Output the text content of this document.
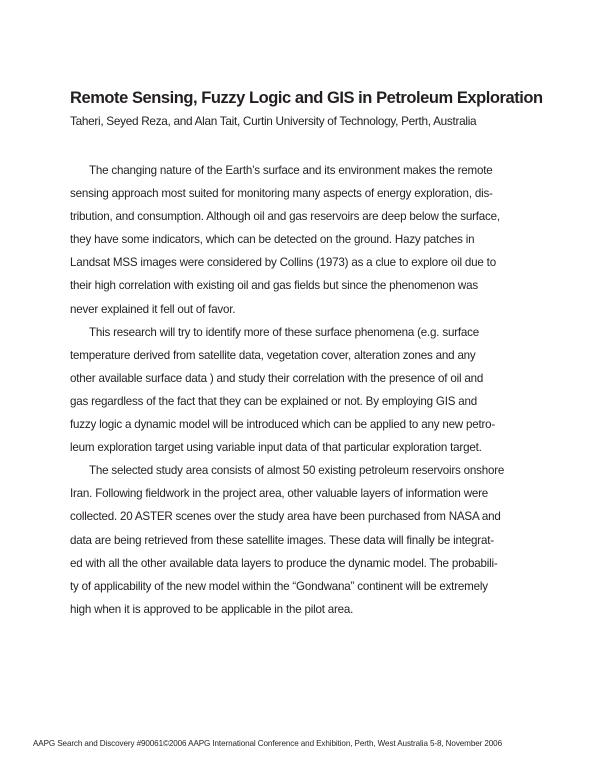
Remote Sensing, Fuzzy Logic and GIS in Petroleum Exploration

Taheri, Seyed Reza, and Alan Tait, Curtin University of Technology, Perth, Australia

The changing nature of the Earth’s surface and its environment makes the remote
sensing approach most suited for monitoring many aspects of energy exploration, dis-
tribution, and consumption. Although oil and gas reservoirs are deep below the surface,
they have some indicators, which can be detected on the ground. Hazy patches in
Landsat MSS images were considered by Collins (1973) as a clue to explore oil due to
their high correlation with existing oil and gas fields but since the phenomenon was
never explained it fell out of favor.

This research will try to identify more of these surface phenomena (e.g. surface
temperature derived from satellite data, vegetation cover, alteration zones and any
other available surface data ) and study their correlation with the presence of oil and
gas regardless of the fact that they can be explained or not. By employing GIS and
fuzzy logic a dynamic model will be introduced which can be applied to any new petro-
leum exploration target using variable input data of that particular exploration target.

The selected study area consists of almost 50 existing petroleum reservoirs onshore
Iran. Following fieldwork in the project area, other valuable layers of information were
collected. 20 ASTER scenes over the study area have been purchased from NASA and
data are being retrieved from these satellite images. These data will finally be integrat-
ed with all the other available data layers to produce the dynamic model. The probabili-
ty of applicability of the new model within the “Gondwana” continent will be extremely
high when it is approved to be applicable in the pilot area.

AAPG Search and Discovery #90061©2006 AAPG International Conference and Exhibition, Perth, West Australia 5-8, November 2006
